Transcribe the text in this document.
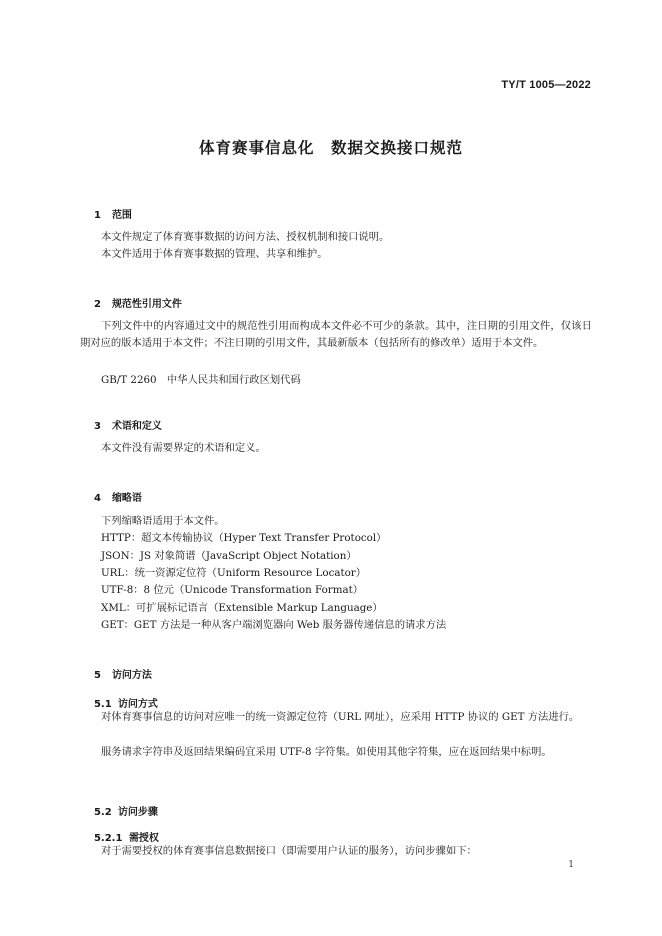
TY/T 1005—2022
体育赛事信息化　数据交换接口规范

1 范围

本文件规定了体育赛事数据的访问方法、授权机制和接口说明。
本文件适用于体育赛事数据的管理、共享和维护。

2 规范性引用文件

下列文件中的内容通过文中的规范性引用而构成本文件必不可少的条款。其中，注日期的引用文件，仅该日期对应的版本适用于本文件；不注日期的引用文件，其最新版本（包括所有的修改单）适用于本文件。
GB/T 2260　中华人民共和国行政区划代码

3 术语和定义

本文件没有需要界定的术语和定义。

4 缩略语

下列缩略语适用于本文件。
HTTP：超文本传输协议（Hyper Text Transfer Protocol）
JSON：JS 对象简谱（JavaScript Object Notation）
URL：统一资源定位符（Uniform Resource Locator）
UTF-8：8 位元（Unicode Transformation Format）
XML：可扩展标记语言（Extensible Markup Language）
GET：GET 方法是一种从客户端浏览器向 Web 服务器传递信息的请求方法

5 访问方法

5.1 访问方式

对体育赛事信息的访问对应唯一的统一资源定位符（URL 网址），应采用 HTTP 协议的 GET 方法进行。
服务请求字符串及返回结果编码宜采用 UTF-8 字符集。如使用其他字符集，应在返回结果中标明。

5.2 访问步骤

5.2.1 需授权

对于需要授权的体育赛事信息数据接口（即需要用户认证的服务），访问步骤如下：
1
